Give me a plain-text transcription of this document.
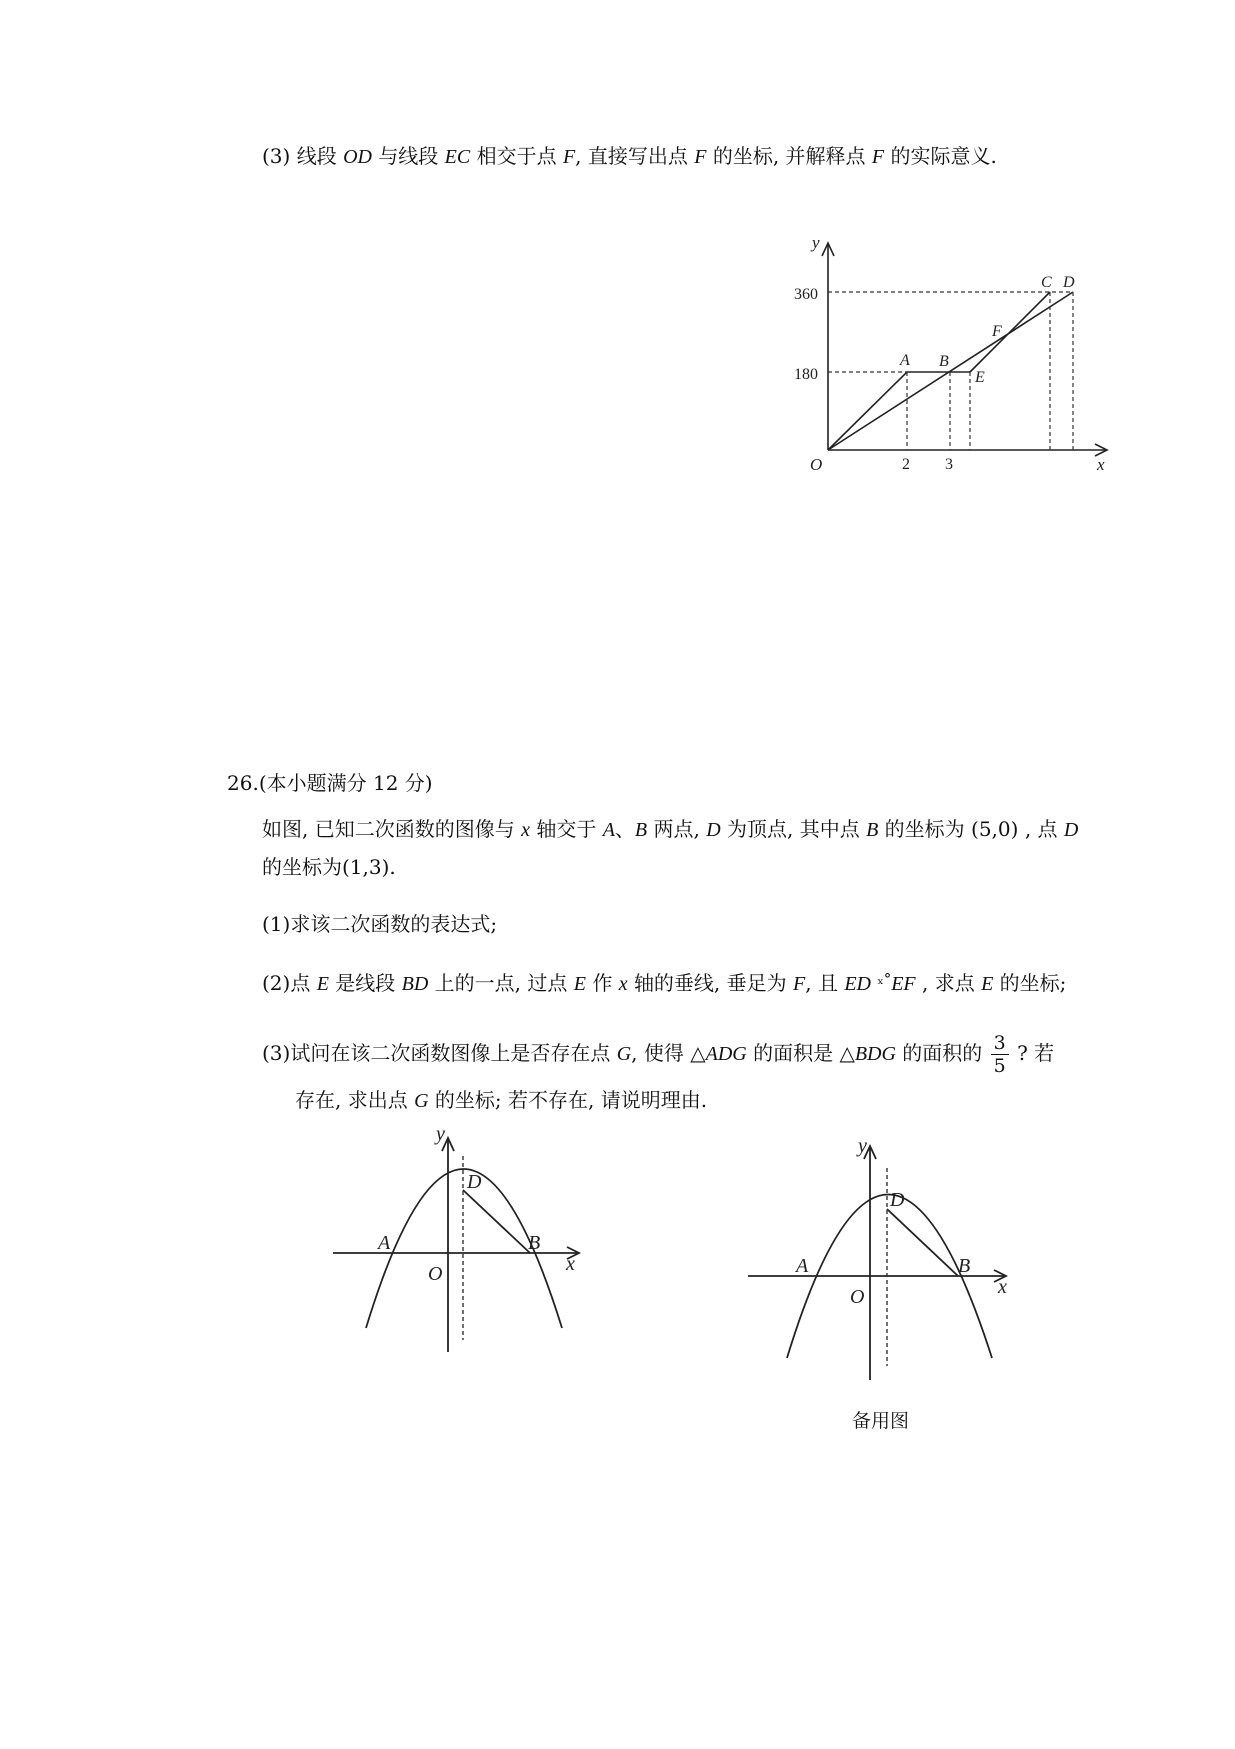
(3) 线段 OD 与线段 EC 相交于点 F, 直接写出点 F 的坐标, 并解释点 F 的实际意义.
y
x
O
360
180
2 3
A B
E
F
C D
26.(本小题满分 12 分)
如图, 已知二次函数的图像与 x 轴交于 A、B 两点, D 为顶点, 其中点 B 的坐标为 (5,0) , 点 D
的坐标为(1,3).
(1)求该二次函数的表达式;
(2)点 E 是线段 BD 上的一点, 过点 E 作 x 轴的垂线, 垂足为 F, 且 ED $^{_x^\circ}$EF , 求点 E 的坐标;
(3)试问在该二次函数图像上是否存在点 G, 使得 △ADG 的面积是 △BDG 的面积的 $\frac{3}{5}$ ? 若
存在, 求出点 G 的坐标; 若不存在, 请说明理由.
y
x
O
A	B
D
y
x
O
A	B
D
备用图
